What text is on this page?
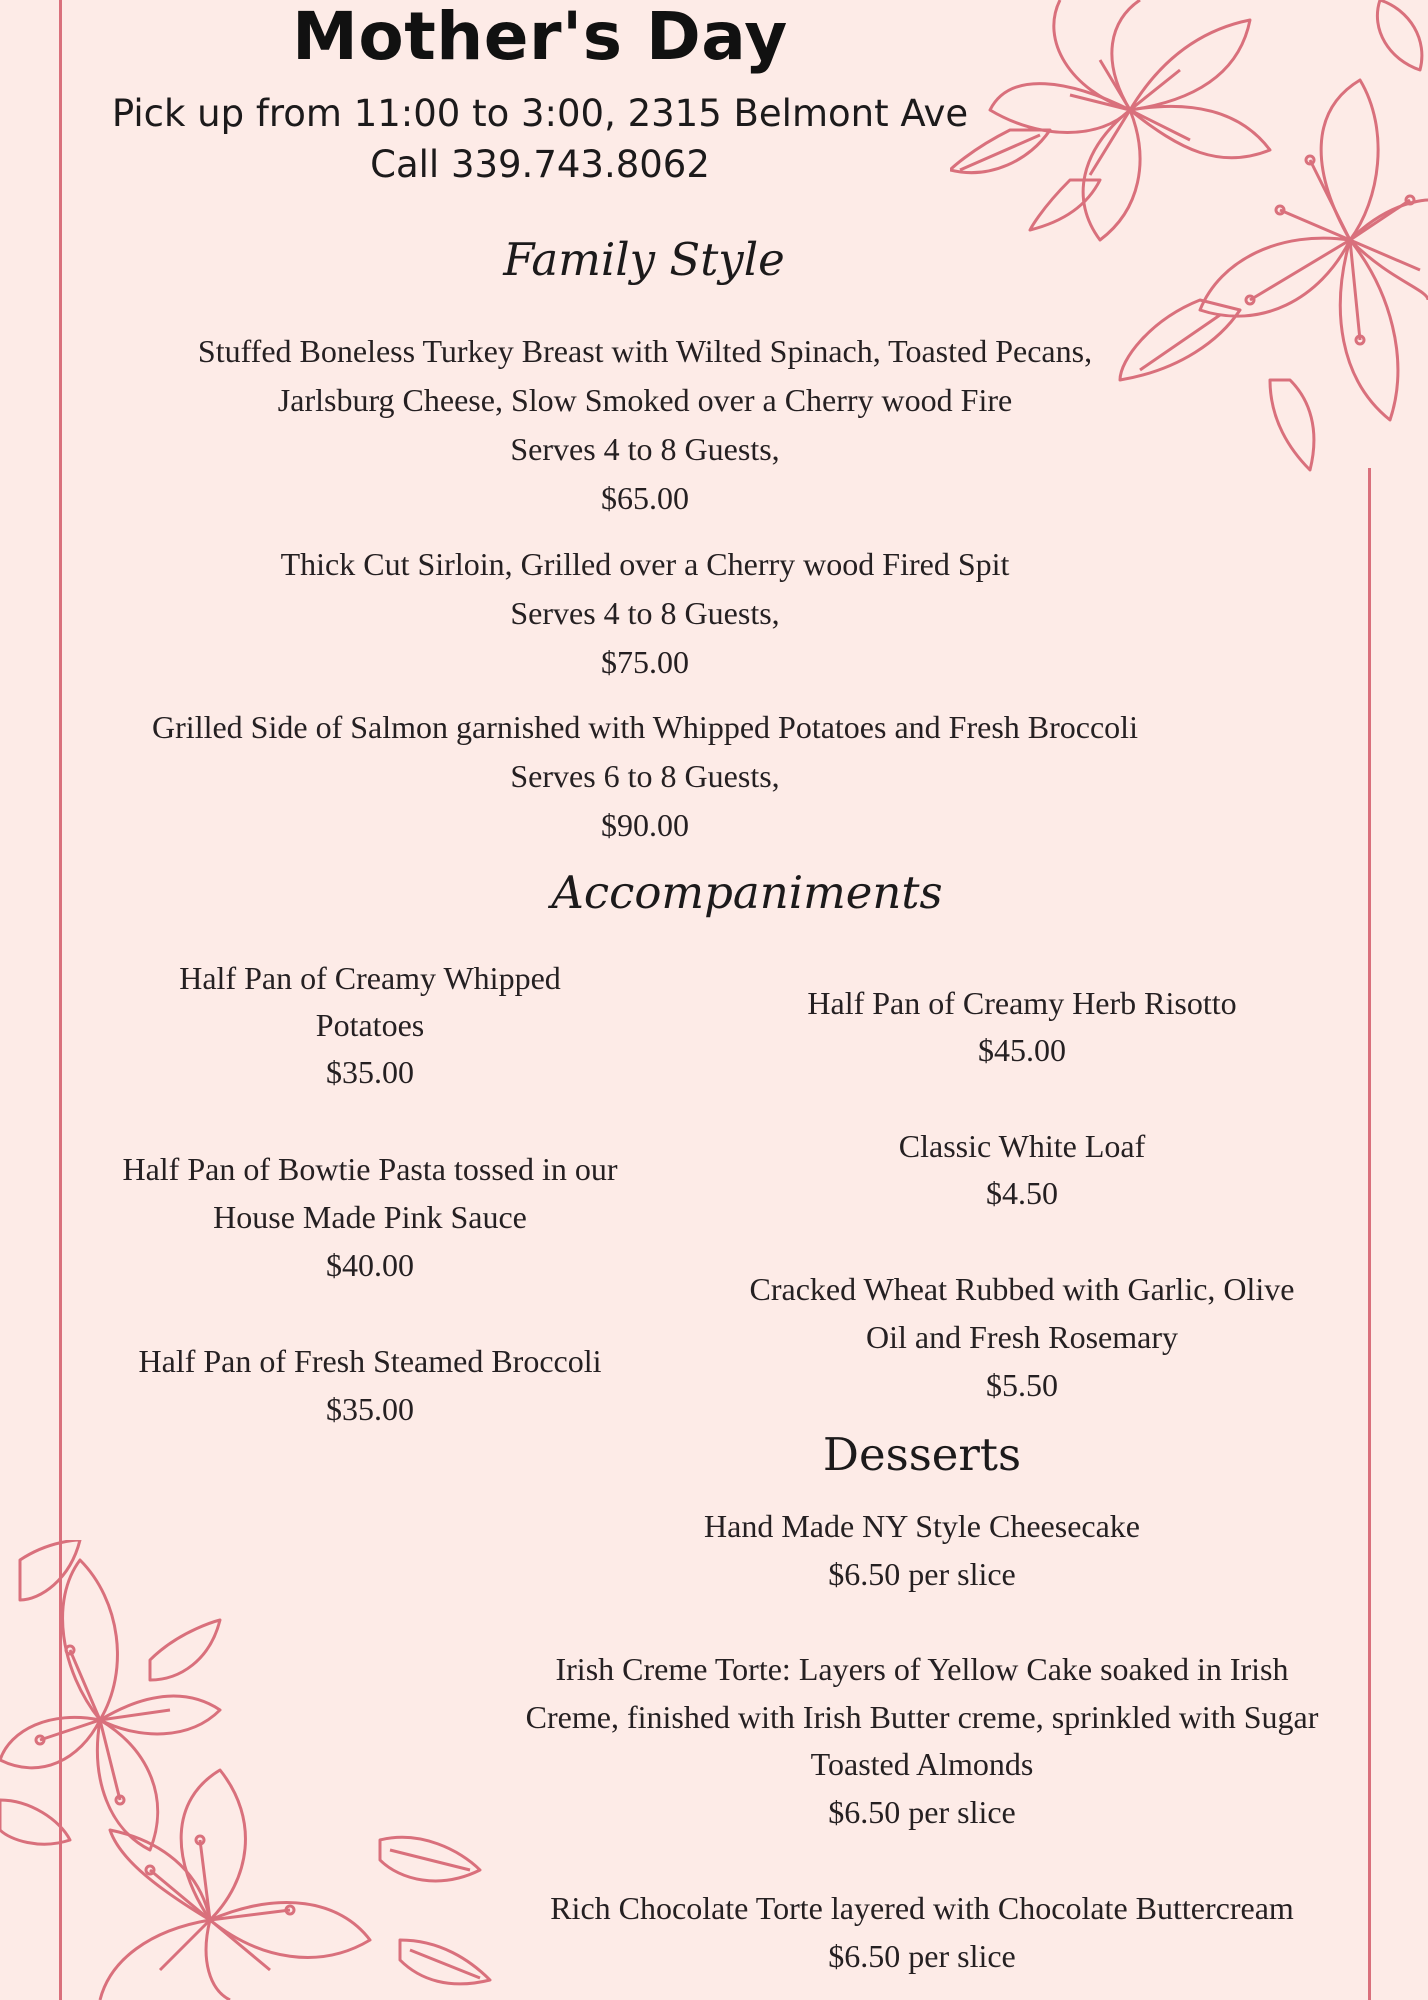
Mother's Day
Pick up from 11:00 to 3:00, 2315 Belmont Ave
Call 339.743.8062
Family Style
Stuffed Boneless Turkey Breast with Wilted Spinach, Toasted Pecans,
Jarlsburg Cheese, Slow Smoked over a Cherry wood Fire
Serves 4 to 8 Guests,
$65.00
Thick Cut Sirloin, Grilled over a Cherry wood Fired Spit
Serves 4 to 8 Guests,
$75.00
Grilled Side of Salmon garnished with Whipped Potatoes and Fresh Broccoli
Serves 6 to 8 Guests,
$90.00
Accompaniments
Half Pan of Creamy Whipped
Potatoes
$35.00
Half Pan of Bowtie Pasta tossed in our
House Made Pink Sauce
$40.00
Half Pan of Fresh Steamed Broccoli
$35.00
Half Pan of Creamy Herb Risotto
$45.00
Classic White Loaf
$4.50
Cracked Wheat Rubbed with Garlic, Olive
Oil and Fresh Rosemary
$5.50
Desserts
Hand Made NY Style Cheesecake
$6.50 per slice
Irish Creme Torte: Layers of Yellow Cake soaked in Irish
Creme, finished with Irish Butter creme, sprinkled with Sugar
Toasted Almonds
$6.50 per slice
Rich Chocolate Torte layered with Chocolate Buttercream
$6.50 per slice
